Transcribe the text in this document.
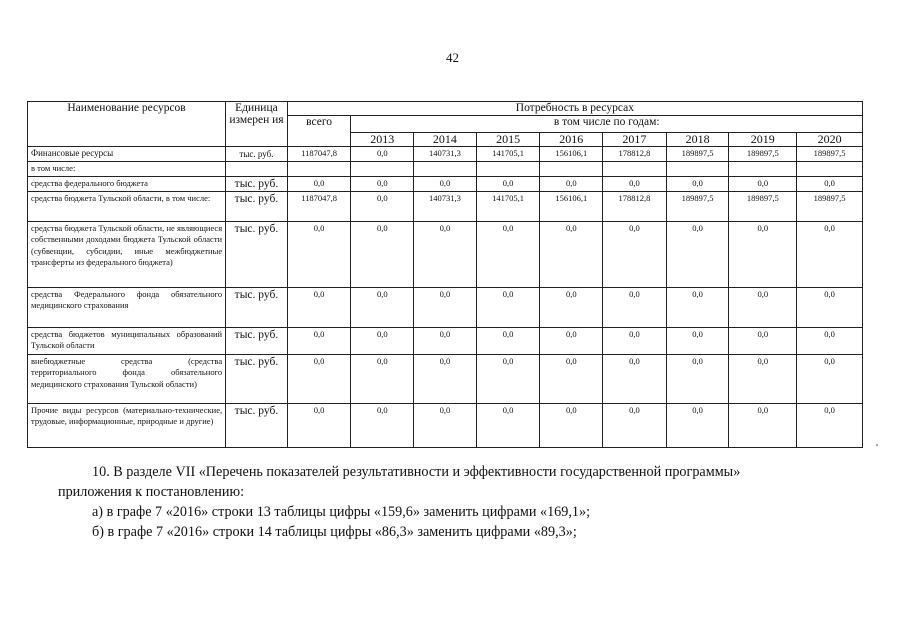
42
Наименование ресурсов	Единица измерен ия	Потребность в ресурсах								
		всего	в том числе по годам:							
			2013	2014	2015	2016	2017	2018	2019	2020
Финансовые ресурсы	тыс. руб.	1187047,8	0,0	140731,3	141705,1	156106,1	178812,8	189897,5	189897,5	189897,5
в том числе:										
средства федерального бюджета	тыс. руб.	0,0	0,0	0,0	0,0	0,0	0,0	0,0	0,0	0,0
средства бюджета Тульской области, в том числе:	тыс. руб.	1187047,8	0,0	140731,3	141705,1	156106,1	178812,8	189897,5	189897,5	189897,5
средства бюджета Тульской области, не являющиеся собственными доходами бюджета Тульской области (субвенции, субсидии, иные межбюджетные трансферты из федерального бюджета)	тыс. руб.	0,0	0,0	0,0	0,0	0,0	0,0	0,0	0,0	0,0
средства Федерального фонда обязательного медицинского страхования	тыс. руб.	0,0	0,0	0,0	0,0	0,0	0,0	0,0	0,0	0,0
средства бюджетов муниципальных образований Тульской области	тыс. руб.	0,0	0,0	0,0	0,0	0,0	0,0	0,0	0,0	0,0
внебюджетные средства (средства территориального фонда обязательного медицинского страхования Тульской области)	тыс. руб.	0,0	0,0	0,0	0,0	0,0	0,0	0,0	0,0	0,0
Прочие виды ресурсов (материально-технические, трудовые, информационные, природные и другие)	тыс. руб.	0,0	0,0	0,0	0,0	0,0	0,0	0,0	0,0	0,0
10. В разделе VII «Перечень показателей результативности и эффективности государственной программы»
приложения к постановлению:
а) в графе 7 «2016» строки 13 таблицы цифры «159,6» заменить цифрами «169,1»;
б) в графе 7 «2016» строки 14 таблицы цифры «86,3» заменить цифрами «89,3»;
